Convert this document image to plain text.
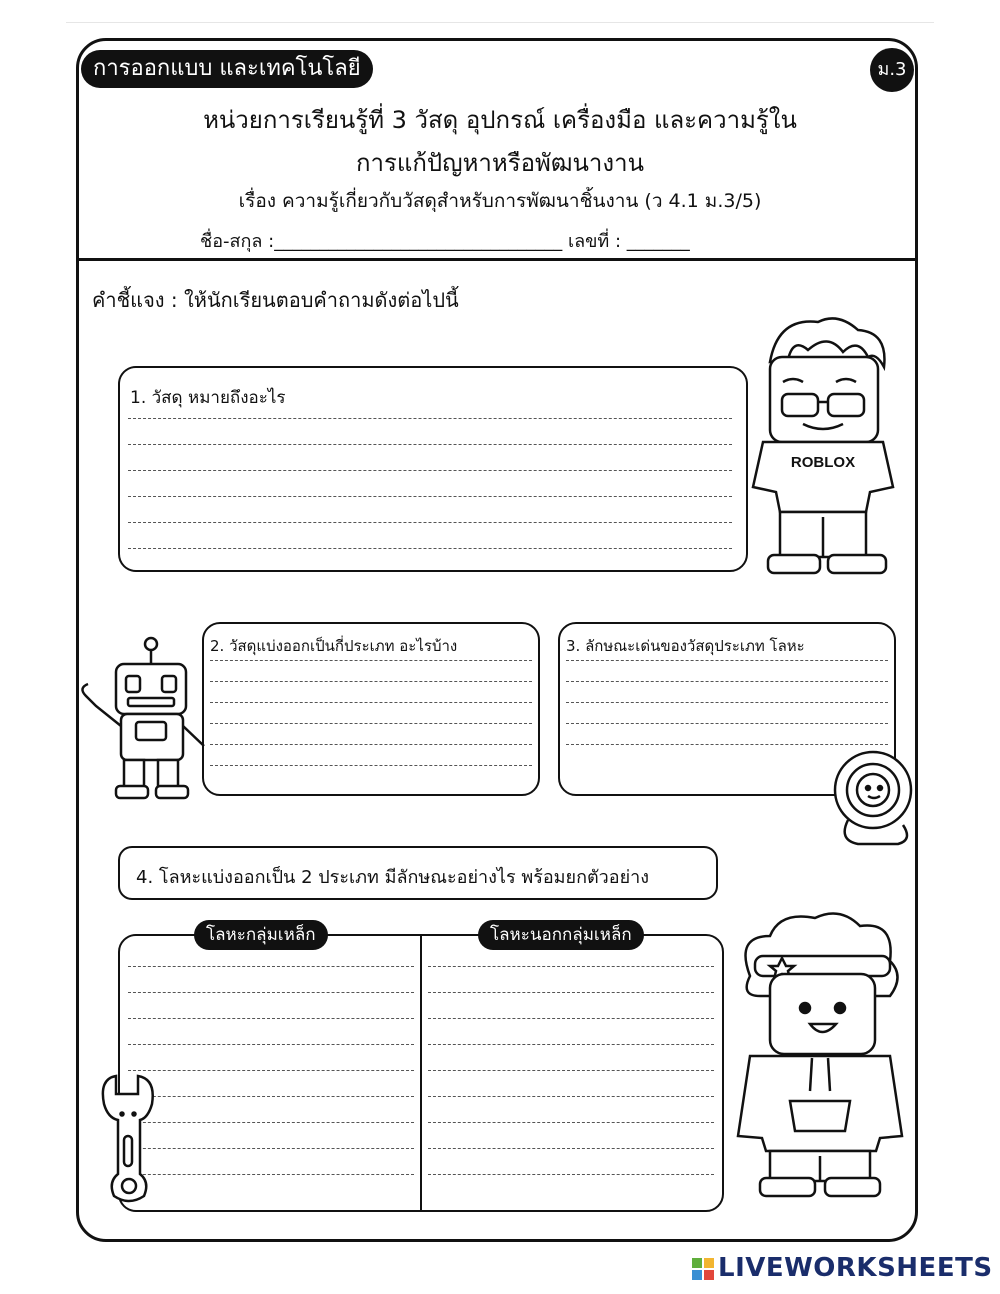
การออกแบบ และเทคโนโลยี	ม.3
หน่วยการเรียนรู้ที่ 3 วัสดุ อุปกรณ์ เครื่องมือ และความรู้ใน
การแก้ปัญหาหรือพัฒนางาน
เรื่อง ความรู้เกี่ยวกับวัสดุสำหรับการพัฒนาชิ้นงาน (ว 4.1 ม.3/5)
ชื่อ-สกุล :________________________________ เลขที่ : _______
คำชี้แจง : ให้นักเรียนตอบคำถามดังต่อไปนี้
1. วัสดุ หมายถึงอะไร
2. วัสดุแบ่งออกเป็นกี่ประเภท อะไรบ้าง	3. ลักษณะเด่นของวัสดุประเภท โลหะ
4. โลหะแบ่งออกเป็น 2 ประเภท มีลักษณะอย่างไร พร้อมยกตัวอย่าง
โลหะกลุ่มเหล็ก	โลหะนอกกลุ่มเหล็ก
ROBLOX
LIVEWORKSHEETS
